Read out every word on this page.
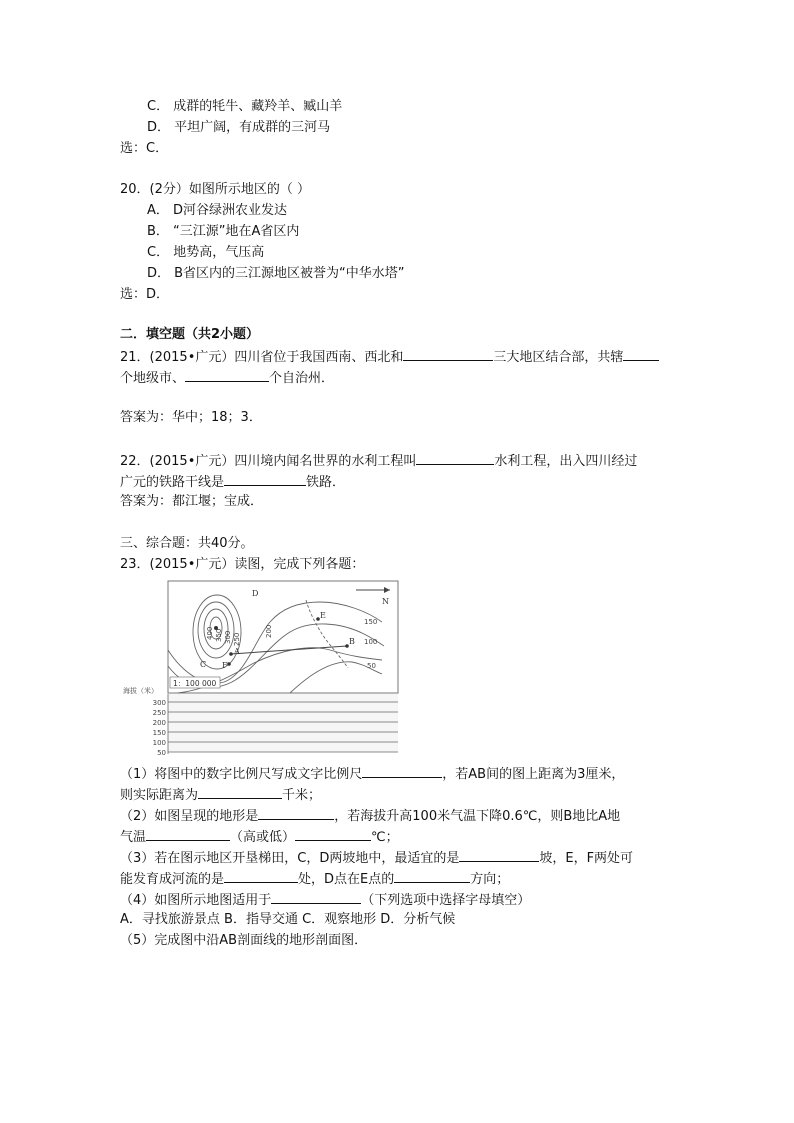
C． 成群的牦牛、藏羚羊、臧山羊
D． 平坦广阔，有成群的三河马
选：C．
20．(2分）如图所示地区的（ ）
A． D河谷绿洲农业发达
B． “三江源”地在A省区内
C． 地势高，气压高
D． B省区内的三江源地区被誉为“中华水塔”
选：D．
二．填空题（共2小题）
21．(2015•广元）四川省位于我国西南、西北和	三大地区结合部，共辖
个地级市、	个自治州．
答案为：华中；18；3．
22．(2015•广元）四川境内闻名世界的水利工程叫	水利工程，出入四川经过
广元的铁路干线是	铁路．
答案为：都江堰；宝成．
三、综合题：共40分。
23．(2015•广元）读图，完成下列各题：
N
A
B
C
D
E
F
400 350 300 250
200
150
100
50
1：100 000
海拔（米）
300
250
200
150
100
50
（1）将图中的数字比例尺写成文字比例尺	，若AB间的图上距离为3厘米，
则实际距离为	千米；
（2）如图呈现的地形是	，若海拔升高100米气温下降0.6℃，则B地比A地
气温	（高或低）	℃；
（3）若在图示地区开垦梯田，C，D两坡地中，最适宜的是	坡，E，F两处可
能发育成河流的是	处，D点在E点的	方向；
（4）如图所示地图适用于	（下列选项中选择字母填空）
A．寻找旅游景点 B．指导交通 C．观察地形 D．分析气候
（5）完成图中沿AB剖面线的地形剖面图．
